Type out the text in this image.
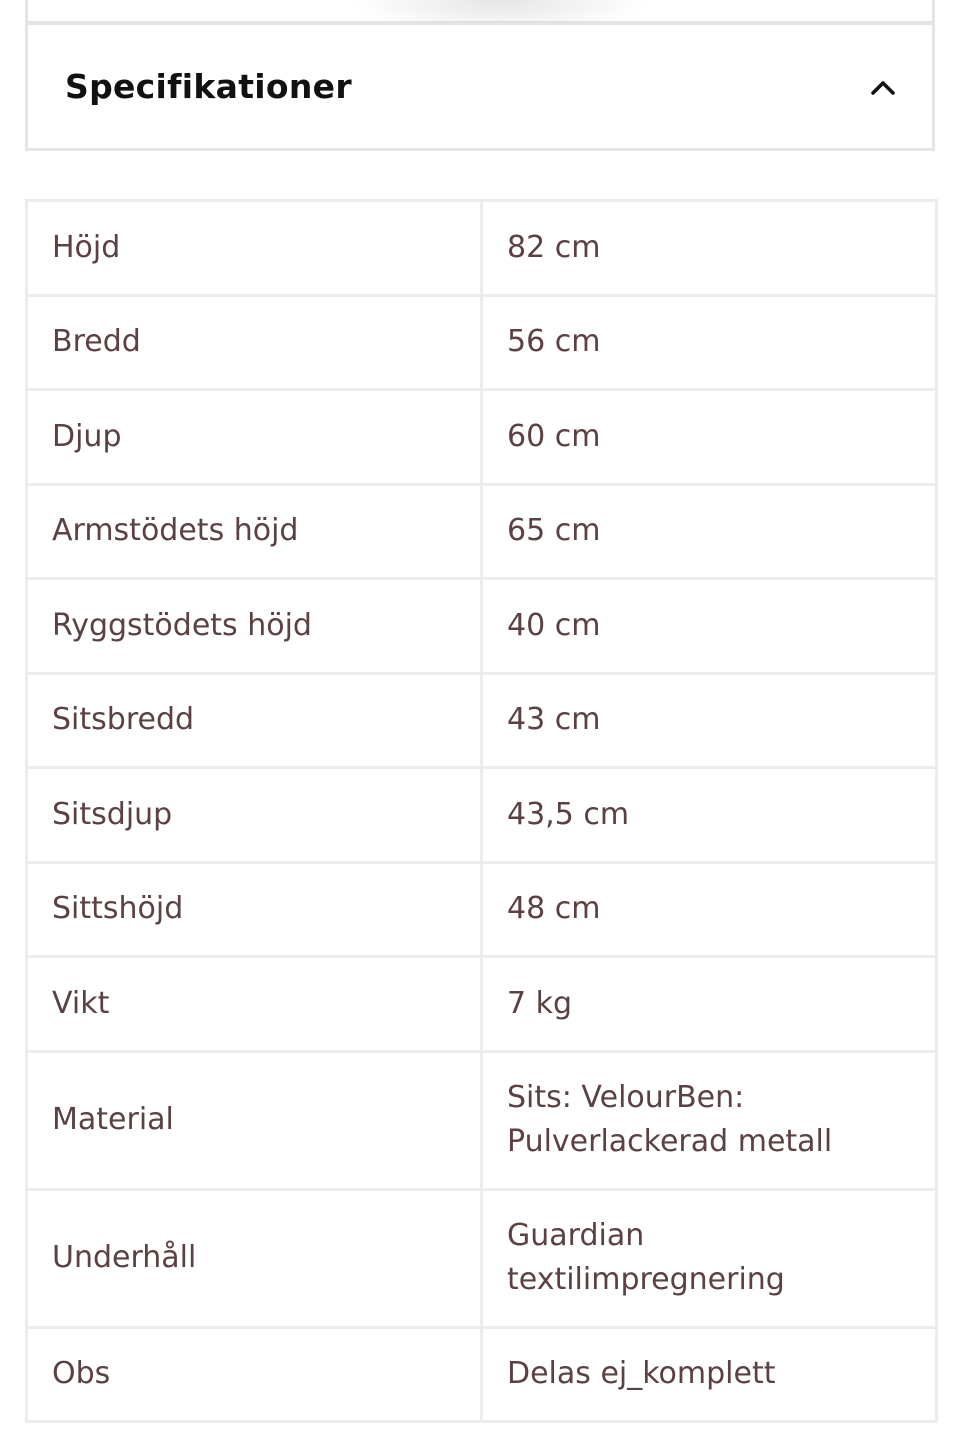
Specifikationer
Höjd	82 cm
Bredd	56 cm
Djup	60 cm
Armstödets höjd	65 cm
Ryggstödets höjd	40 cm
Sitsbredd	43 cm
Sitsdjup	43,5 cm
Sittshöjd	48 cm
Vikt	7 kg
Material	Sits: VelourBen: Pulverlackerad metall
Underhåll	Guardian textilimpregnering
Obs	Delas ej_komplett
